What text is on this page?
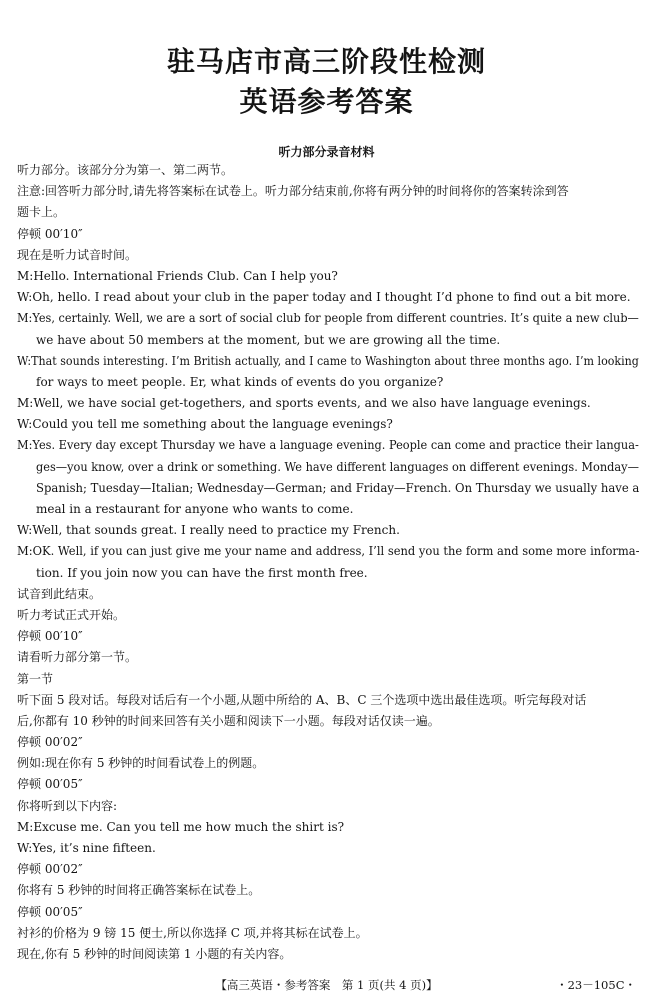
驻马店市高三阶段性检测
英语参考答案
听力部分录音材料
听力部分。该部分分为第一、第二两节。
注意:回答听力部分时,请先将答案标在试卷上。听力部分结束前,你将有两分钟的时间将你的答案转涂到答
题卡上。
停顿 00′10″
现在是听力试音时间。
M:Hello. International Friends Club. Can I help you?
W:Oh, hello. I read about your club in the paper today and I thought I’d phone to find out a bit more.
M:Yes, certainly. Well, we are a sort of social club for people from different countries. It’s quite a new club—
we have about 50 members at the moment, but we are growing all the time.
W:That sounds interesting. I’m British actually, and I came to Washington about three months ago. I’m looking
for ways to meet people. Er, what kinds of events do you organize?
M:Well, we have social get-togethers, and sports events, and we also have language evenings.
W:Could you tell me something about the language evenings?
M:Yes. Every day except Thursday we have a language evening. People can come and practice their langua-
ges—you know, over a drink or something. We have different languages on different evenings. Monday—
Spanish; Tuesday—Italian; Wednesday—German; and Friday—French. On Thursday we usually have a
meal in a restaurant for anyone who wants to come.
W:Well, that sounds great. I really need to practice my French.
M:OK. Well, if you can just give me your name and address, I’ll send you the form and some more informa-
tion. If you join now you can have the first month free.
试音到此结束。
听力考试正式开始。
停顿 00′10″
请看听力部分第一节。
第一节
听下面 5 段对话。每段对话后有一个小题,从题中所给的 A、B、C 三个选项中选出最佳选项。听完每段对话
后,你都有 10 秒钟的时间来回答有关小题和阅读下一小题。每段对话仅读一遍。
停顿 00′02″
例如:现在你有 5 秒钟的时间看试卷上的例题。
停顿 00′05″
你将听到以下内容:
M:Excuse me. Can you tell me how much the shirt is?
W:Yes, it’s nine fifteen.
停顿 00′02″
你将有 5 秒钟的时间将正确答案标在试卷上。
停顿 00′05″
衬衫的价格为 9 镑 15 便士,所以你选择 C 项,并将其标在试卷上。
现在,你有 5 秒钟的时间阅读第 1 小题的有关内容。
【高三英语・参考答案　第 1 页(共 4 页)】	・23－105C・
